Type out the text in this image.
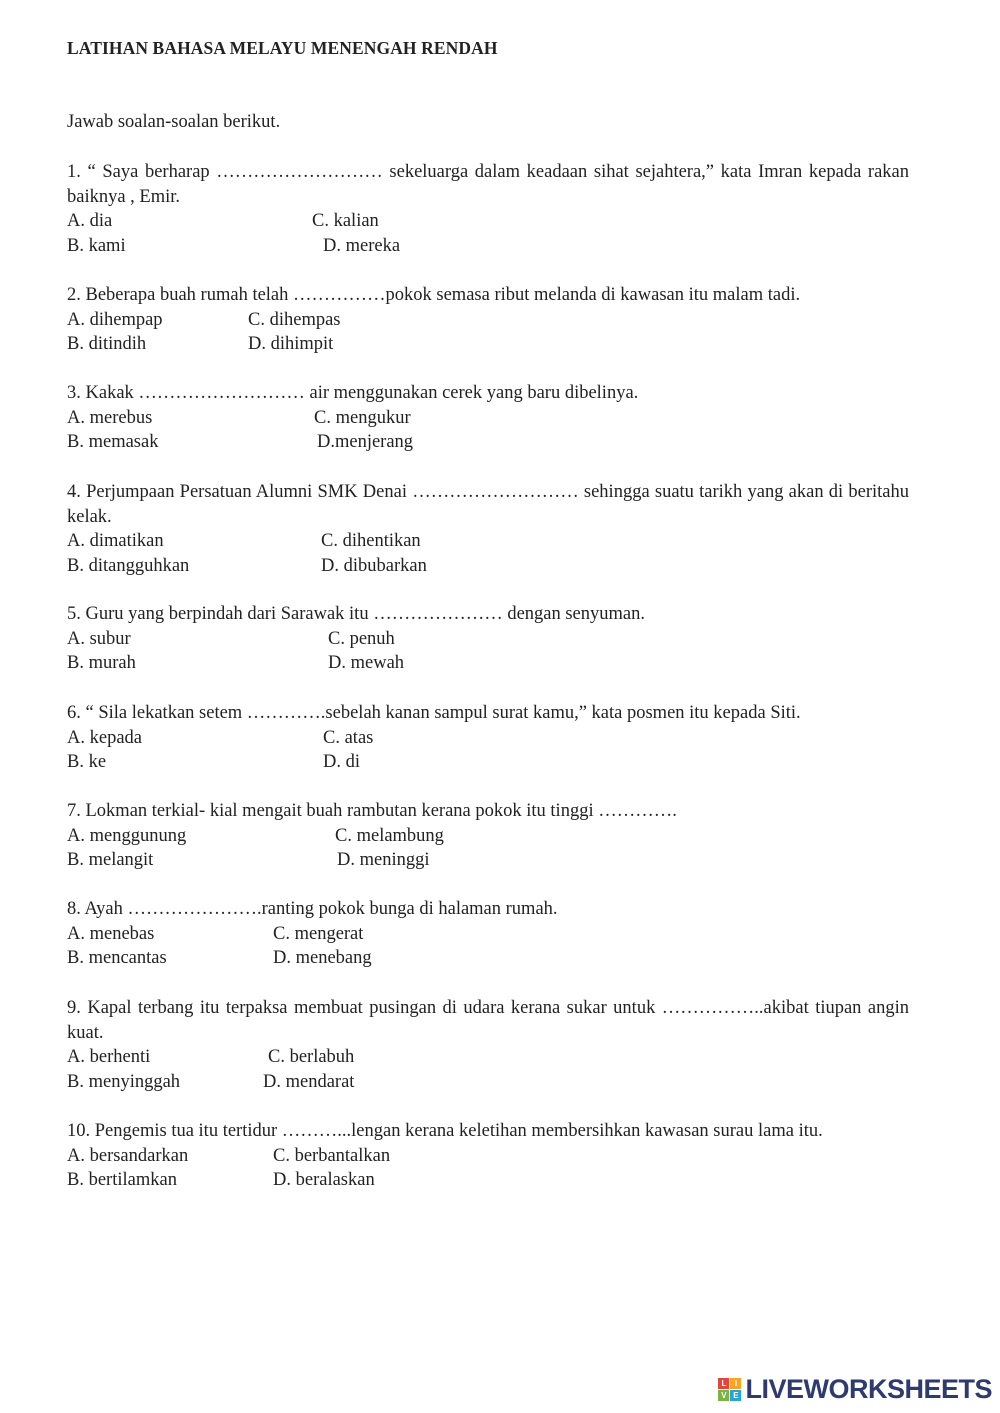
LATIHAN BAHASA MELAYU MENENGAH RENDAH
Jawab soalan-soalan berikut.
1. “ Saya berharap ……………………… sekeluarga dalam keadaan sihat sejahtera,” kata Imran kepada rakan baiknya , Emir.
A. dia	C. kalian
B. kami	D. mereka
2. Beberapa buah rumah telah ……………pokok semasa ribut melanda di kawasan itu malam tadi.
A. dihempap	C. dihempas
B. ditindih	D. dihimpit
3. Kakak ……………………… air menggunakan cerek yang baru dibelinya.
A. merebus	C. mengukur
B. memasak	D.menjerang
4. Perjumpaan Persatuan Alumni SMK Denai ……………………… sehingga suatu tarikh yang akan di beritahu kelak.
A. dimatikan	C. dihentikan
B. ditangguhkan	D. dibubarkan
5. Guru yang berpindah dari Sarawak itu ………………… dengan senyuman.
A. subur	C. penuh
B. murah	D. mewah
6. “ Sila lekatkan setem ………….sebelah kanan sampul surat kamu,” kata posmen itu kepada Siti.
A. kepada	C. atas
B. ke	D. di
7. Lokman terkial- kial mengait buah rambutan kerana pokok itu tinggi ………….
A. menggunung	C. melambung
B. melangit	D. meninggi
8. Ayah ………………….ranting pokok bunga di halaman rumah.
A. menebas	C. mengerat
B. mencantas	D. menebang
9. Kapal terbang itu terpaksa membuat pusingan di udara kerana sukar untuk ……………..akibat tiupan angin kuat.
A. berhenti	C. berlabuh
B. menyinggah	D. mendarat
10. Pengemis tua itu tertidur ………...lengan kerana keletihan membersihkan kawasan surau lama itu.
A. bersandarkan	C. berbantalkan
B. bertilamkan	D. beralaskan
L	I
V E LIVEWORKSHEETS
